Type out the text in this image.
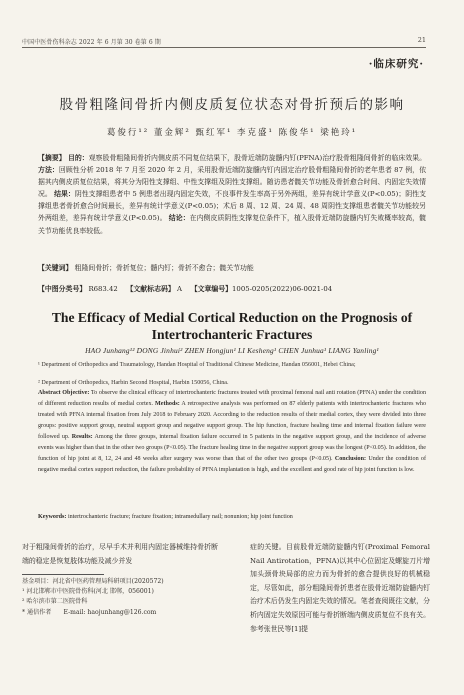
中国中医骨伤科杂志 2022 年 6 月第 30 卷第 6 期	21
·临床研究·
股骨粗隆间骨折内侧皮质复位状态对骨折预后的影响
葛俊行¹² 董金辉² 甄红军¹ 李克盛¹ 陈俊华¹ 梁艳玲¹
【摘要】 目的：观察股骨粗隆间骨折内侧皮质不同复位结果下，股骨近端防旋髓内钉(PFNA)治疗股骨粗隆间骨折的临床效果。 方法：回顾性分析 2018 年 7 月至 2020 年 2 月，采用股骨近端防旋髓内钉内固定治疗股骨粗隆间骨折的老年患者 87 例，依据其内侧皮质复位结果，将其分为阳性支撑组、中性支撑组及阴性支撑组。随访患者髋关节功能及骨折愈合时间、内固定失效情况。 结果：阴性支撑组患者中 5 例患者出现内固定失效，不良事件发生率高于另外两组，差异有统计学意义(P<0.05)；阴性支撑组患者骨折愈合时间最长，差异有统计学意义(P<0.05)；术后 8 周、12 周、24 周、48 周阴性支撑组患者髋关节功能较另外两组差，差异有统计学意义(P<0.05)。 结论：在内侧皮质阴性支撑复位条件下，植入股骨近端防旋髓内钉失败概率较高，髋关节功能优良率较低。
【关键词】 粗隆间骨折；骨折复位；髓内钉；骨折不愈合；髋关节功能
【中图分类号】 R683.42 【文献标志码】 A 【文章编号】1005-0205(2022)06-0021-04
The Efficacy of Medial Cortical Reduction on the Prognosis of Intertrochanteric Fractures
HAO Junhang¹² DONG Jinhui² ZHEN Hongjun¹ LI Kesheng¹ CHEN Junhua¹ LIANG Yanling¹
¹ Department of Orthopedics and Traumatology, Handan Hospital of Traditional Chinese Medicine, Handan 056001, Hebei China;
² Department of Orthopedics, Harbin Second Hospital, Harbin 150056, China.
Abstract Objective: To observe the clinical efficacy of intertrochanteric fractures treated with proximal femoral nail anti rotation (PFNA) under the condition of different reduction results of medial cortex. Methods: A retrospective analysis was performed on 87 elderly patients with intertrochanteric fractures who treated with PFNA internal fixation from July 2018 to February 2020. According to the reduction results of their medial cortex, they were divided into three groups: positive support group, neutral support group and negative support group. The hip function, fracture healing time and internal fixation failure were followed up. Results: Among the three groups, internal fixation failure occurred in 5 patients in the negative support group, and the incidence of adverse events was higher than that in the other two groups (P<0.05). The fracture healing time in the negative support group was the longest (P<0.05). In addition, the function of hip joint at 8, 12, 24 and 48 weeks after surgery was worse than that of the other two groups (P<0.05). Conclusion: Under the condition of negative medial cortex support reduction, the failure probability of PFNA implantation is high, and the excellent and good rate of hip joint function is low.
Keywords: intertrochanteric fracture; fracture fixation; intramedullary nail; nonunion; hip joint function
对于粗隆间骨折的治疗，尽早手术并利用内固定器械维持骨折断端的稳定是恢复肢体功能及减少并发
症的关键。目前股骨近端防旋髓内钉(Proximal Femoral Nail Antirotation，PFNA)以其中心位固定及螺旋刀片增加头颈骨块局部的应力而为骨折的愈合提供良好的机械稳定，尽管如此，部分粗隆间骨折患者在股骨近端防旋髓内钉治疗术后仍发生内固定失效的情况。笔者查阅既往文献，分析内固定失效原因可能与骨折断端内侧皮质复位不良有关。参考张世民等[1]提
基金项目：河北省中医药管理局科研项目(2020572)
¹ 河北邯郸市中医院骨伤科(河北 邯郸，056001)
² 哈尔滨市第二医院骨科
* 通信作者　　E-mail: haojunhang@126.com
